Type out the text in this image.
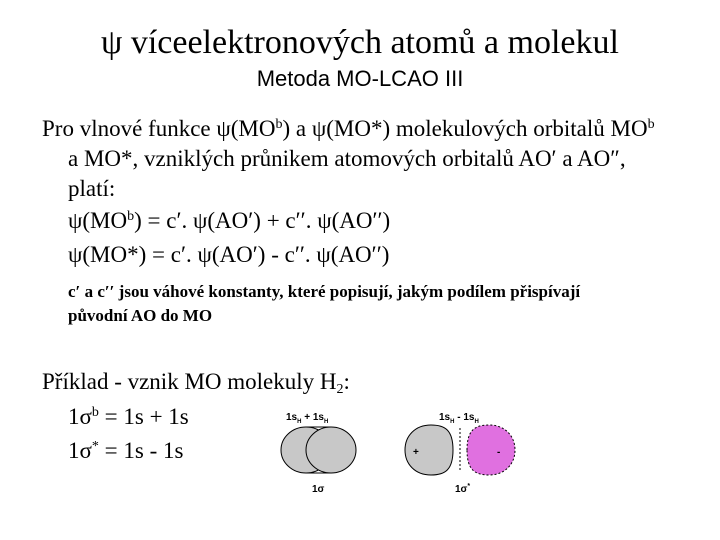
ψ víceelektronových atomů a molekul
Metoda MO-LCAO III
Pro vlnové funkce $\psi(MO^b)$ a ψ(MO*) molekulových orbitalů $MO^b$
a MO*, vzniklých průnikem atomových orbitalů AO′ a AO″,
platí:
$\psi(MO^b) = c'$. ψ(AO′) + c′′. ψ(AO′′)
ψ(MO*) = c′. ψ(AO′) - c′′. ψ(AO′′)
c′ a c′′ jsou váhové konstanty, které popisují, jakým podílem přispívají
původní AO do MO
Příklad - vznik MO molekuly $H_2$:
$1\sigma^b = 1s + 1s$
1σ* = 1s - 1s
$1s_H + 1s_H$
1σ
$1s_H - 1s_H$
+	-
1σ*
